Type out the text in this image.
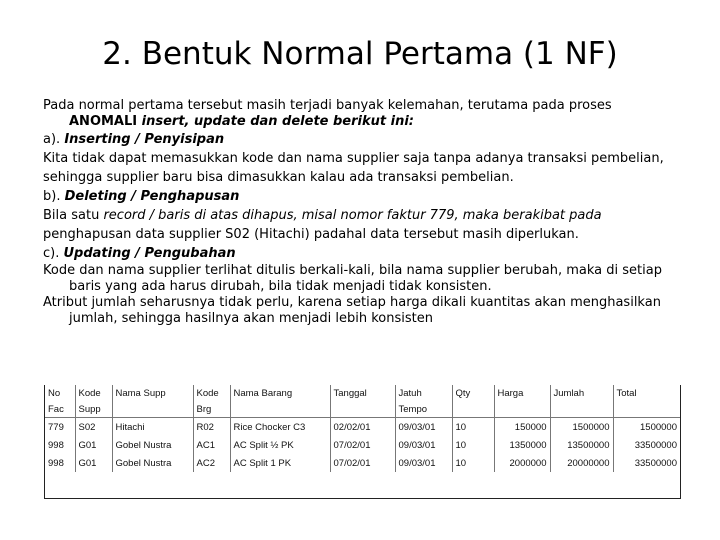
2. Bentuk Normal Pertama (1 NF)

Pada normal pertama tersebut masih terjadi banyak kelemahan, terutama pada proses ANOMALI insert, update dan delete berikut ini:

a). Inserting / Penyisipan

Kita tidak dapat memasukkan kode dan nama supplier saja tanpa adanya transaksi pembelian, sehingga supplier baru bisa dimasukkan kalau ada transaksi pembelian.

b). Deleting / Penghapusan

Bila satu record / baris di atas dihapus, misal nomor faktur 779, maka berakibat pada penghapusan data supplier S02 (Hitachi) padahal data tersebut masih diperlukan.

c). Updating / Pengubahan

Kode dan nama supplier terlihat ditulis berkali-kali, bila nama supplier berubah, maka di setiap baris yang ada harus dirubah, bila tidak menjadi tidak konsisten.

Atribut jumlah seharusnya tidak perlu, karena setiap harga dikali kuantitas akan menghasilkan jumlah, sehingga hasilnya akan menjadi lebih konsisten

No	Kode	Nama Supp	Kode	Nama Barang	Tanggal	Jatuh	Qty	Harga	Jumlah	Total
Fac	Supp		Brg			Tempo				
779	S02	Hitachi	R02	Rice Chocker C3	02/02/01	09/03/01	10	150000	1500000	1500000
998	G01	Gobel Nustra	AC1	AC Split ½ PK	07/02/01	09/03/01	10	1350000	13500000	33500000
998	G01	Gobel Nustra	AC2	AC Split 1 PK	07/02/01	09/03/01	10	2000000	20000000	33500000
